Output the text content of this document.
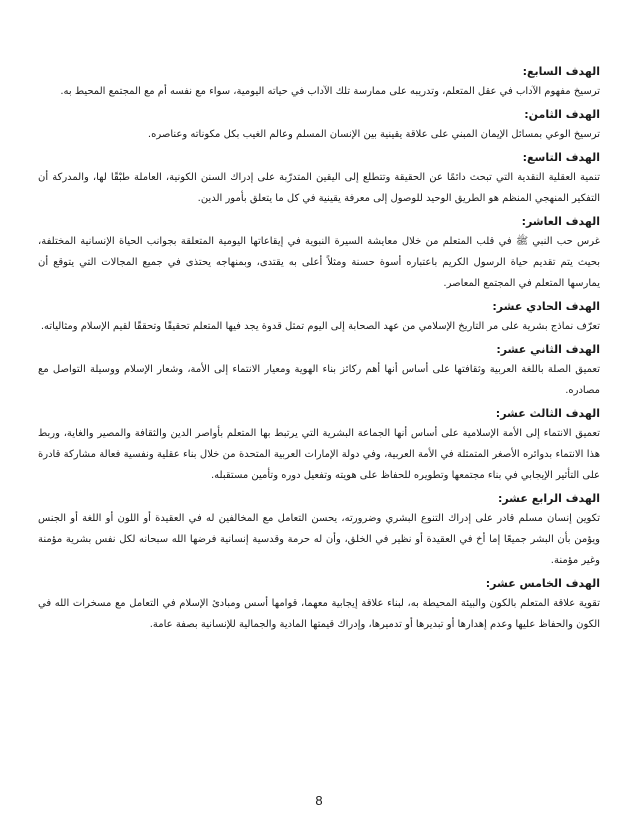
الهدف السابع:

ترسيخ مفهوم الآداب في عقل المتعلم، وتدريبه على ممارسة تلك الآداب في حياته اليومية، سواء مع نفسه أم مع المجتمع المحيط به.

الهدف الثامن:

ترسيخ الوعي بمسائل الإيمان المبني على علاقة يقينية بين الإنسان المسلم وعالم الغيب بكل مكوناته وعناصره.

الهدف التاسع:

تنمية العقلية النقدية التي تبحث دائمًا عن الحقيقة وتتطلع إلى اليقين المتدرّبة على إدراك السنن الكونية، العاملة طبْقًا لها، والمدركة أن التفكير المنهجي المنظم هو الطريق الوحيد للوصول إلى معرفة يقينية في كل ما يتعلق بأمور الدين.

الهدف العاشر:

غرس حب النبي ﷺ في قلب المتعلم من خلال معايشة السيرة النبوية في إيقاعاتها اليومية المتعلقة بجوانب الحياة الإنسانية المختلفة، بحيث يتم تقديم حياة الرسول الكريم باعتباره أسوة حسنة ومثلاً أعلى به يقتدى، وبمنهاجه يحتذى في جميع المجالات التي يتوقع أن يمارسها المتعلم في المجتمع المعاصر.

الهدف الحادي عشر:

تعرّف نماذج بشرية على مر التاريخ الإسلامي من عهد الصحابة إلى اليوم تمثل قدوة يجد فيها المتعلم تحقيقًا وتحققًا لقيم الإسلام ومثالياته.

الهدف الثاني عشر:

تعميق الصلة باللغة العربية وثقافتها على أساس أنها أهم ركائز بناء الهوية ومعيار الانتماء إلى الأمة، وشعار الإسلام ووسيلة التواصل مع مصادره.

الهدف الثالث عشر:

تعميق الانتماء إلى الأمة الإسلامية على أساس أنها الجماعة البشرية التي يرتبط بها المتعلم بأواصر الدين والثقافة والمصير والغاية، وربط هذا الانتماء بدوائره الأصغر المتمثلة في الأمة العربية، وفي دولة الإمارات العربية المتحدة من خلال بناء عقلية ونفسية فعالة مشاركة قادرة على التأثير الإيجابي في بناء مجتمعها وتطويره للحفاظ على هويته وتفعيل دوره وتأمين مستقبله.

الهدف الرابع عشر:

تكوين إنسان مسلم قادر على إدراك التنوع البشري وضرورته، يحسن التعامل مع المخالفين له في العقيدة أو اللون أو اللغة أو الجنس ويؤمن بأن البشر جميعًا إما أخ في العقيدة أو نظير في الخلق، وأن له حرمة وقدسية إنسانية فرضها الله سبحانه لكل نفس بشرية مؤمنة وغير مؤمنة.

الهدف الخامس عشر:

تقوية علاقة المتعلم بالكون والبيئة المحيطة به، لبناء علاقة إيجابية معهما، قوامها أسس ومبادئ الإسلام في التعامل مع مسخرات الله في الكون والحفاظ عليها وعدم إهدارها أو تبديرها أو تدميرها، وإدراك قيمتها المادية والجمالية للإنسانية بصفة عامة.

8
